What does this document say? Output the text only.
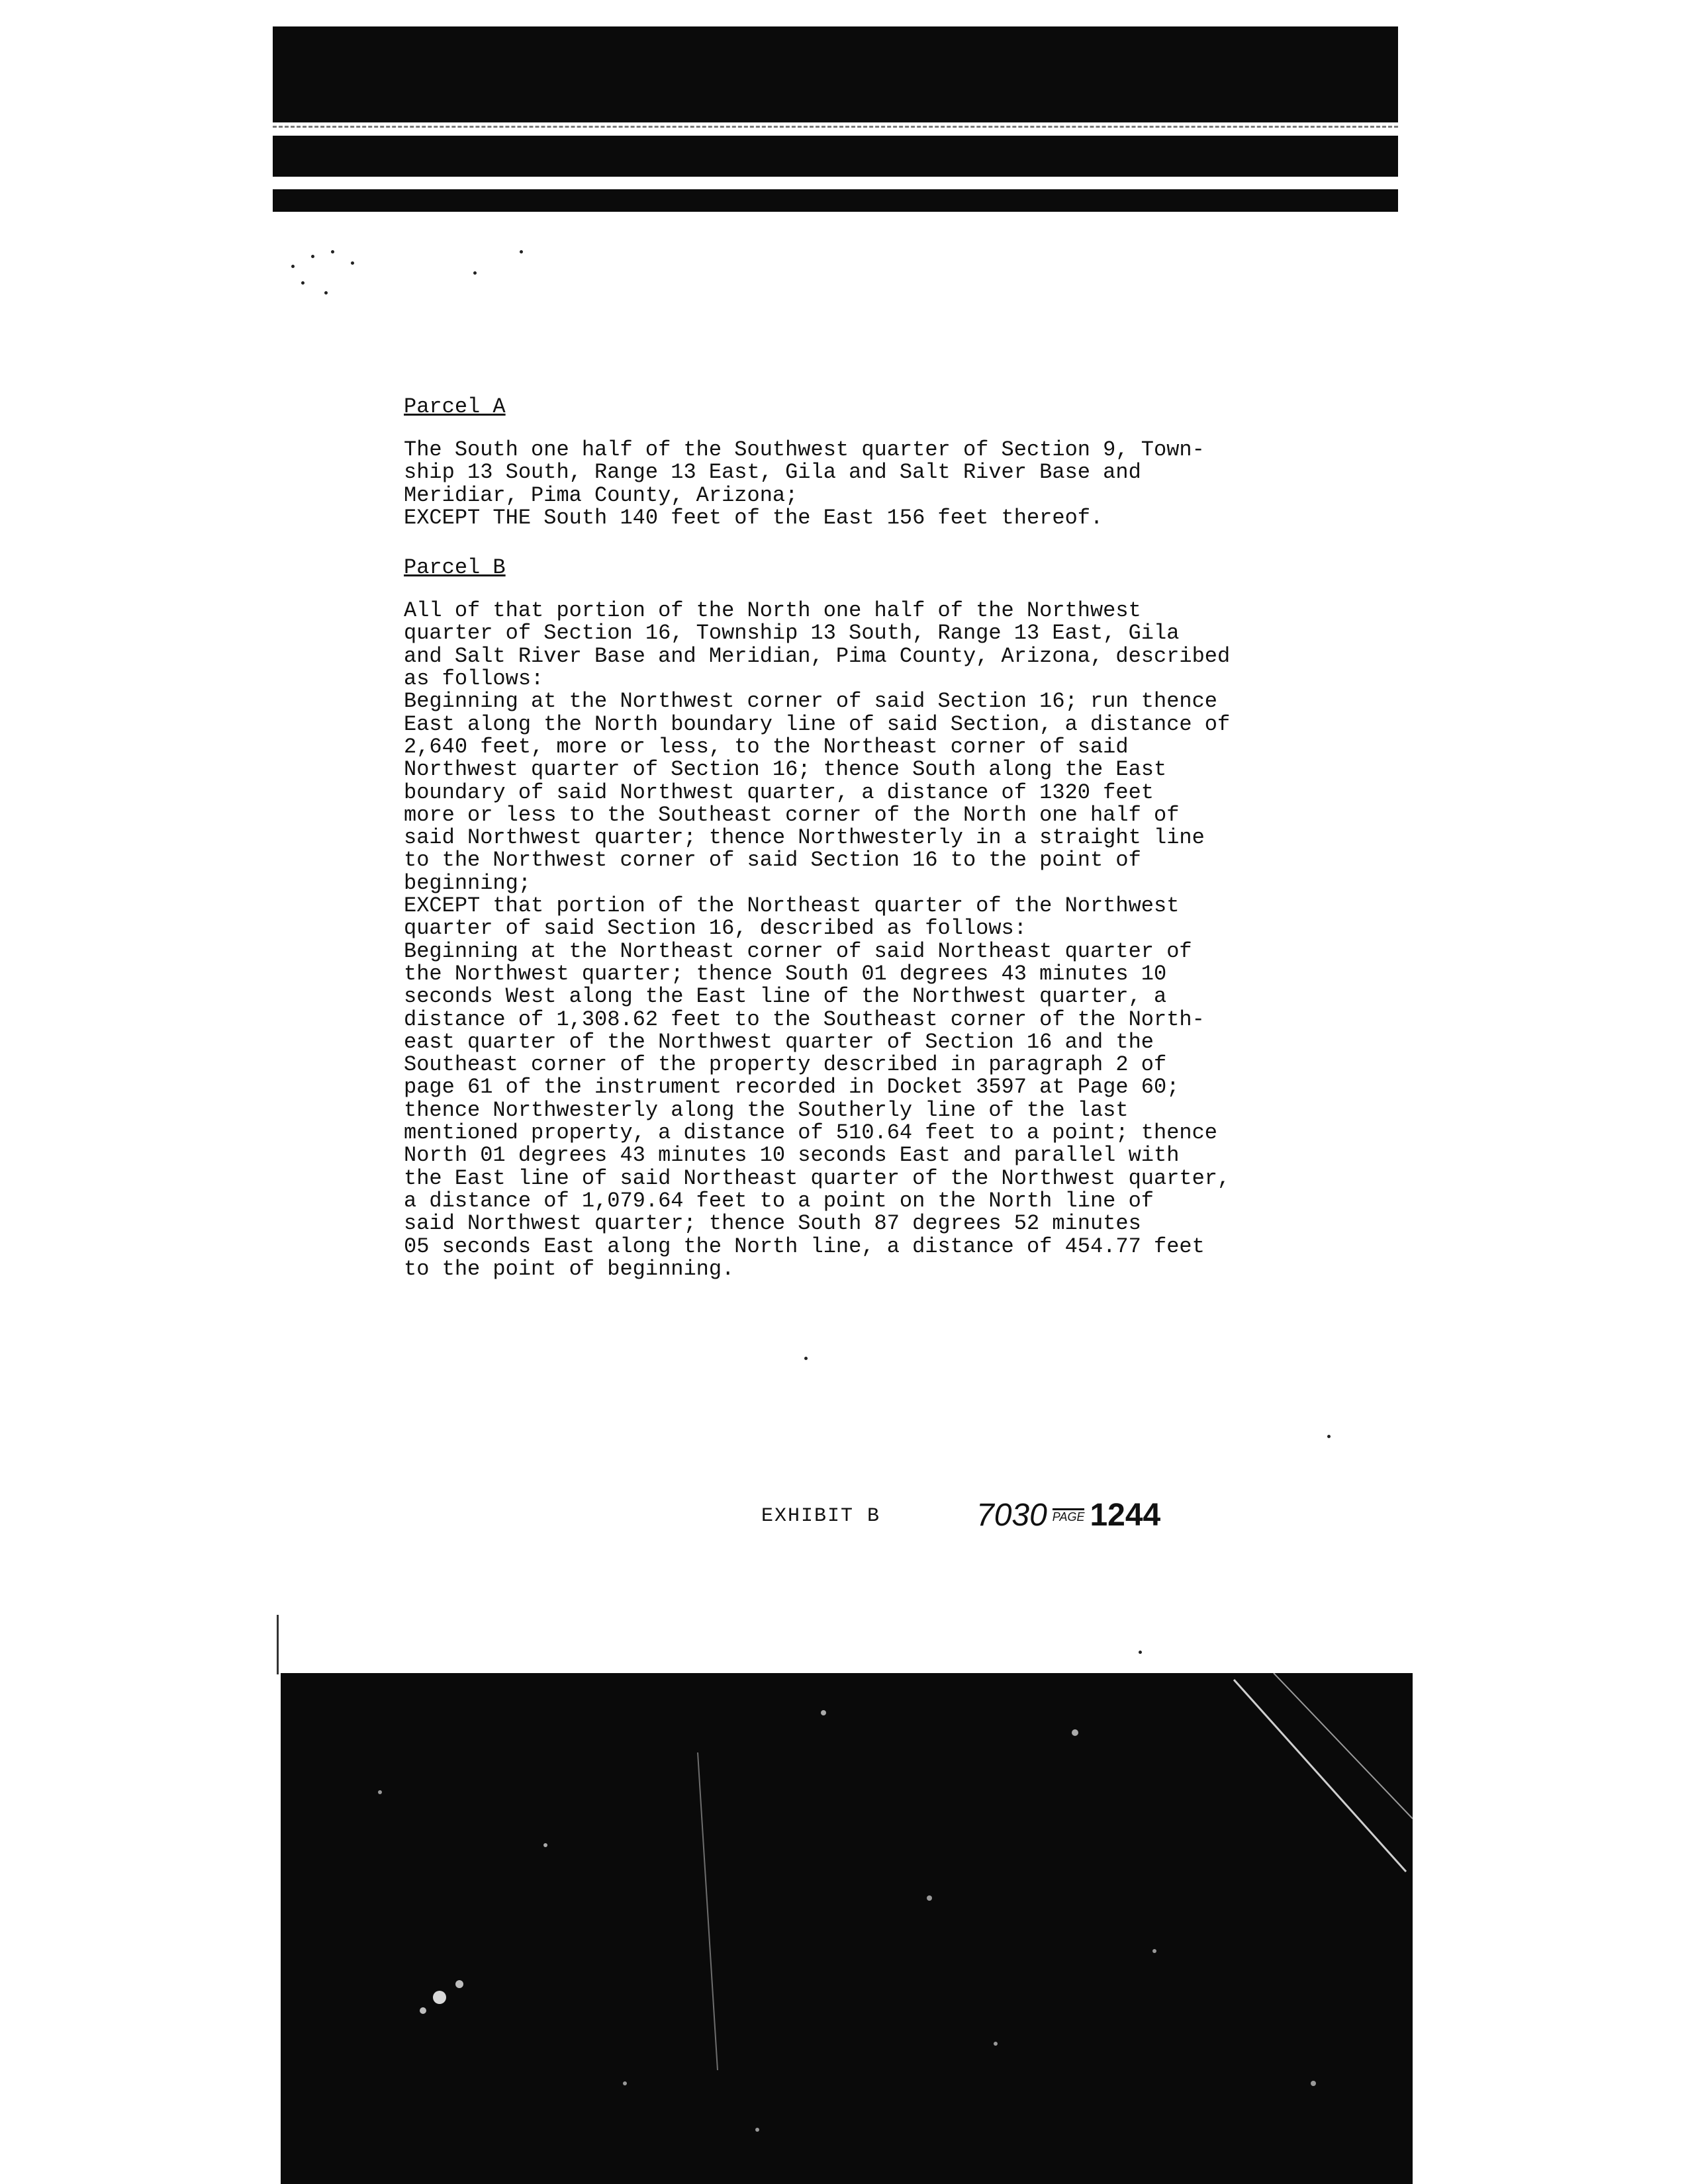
Parcel A

The South one half of the Southwest quarter of Section 9, Town-
ship 13 South, Range 13 East, Gila and Salt River Base and
Meridiar, Pima County, Arizona;
EXCEPT THE South 140 feet of the East 156 feet thereof.

Parcel B

All of that portion of the North one half of the Northwest
quarter of Section 16, Township 13 South, Range 13 East, Gila
and Salt River Base and Meridian, Pima County, Arizona, described
as follows:
Beginning at the Northwest corner of said Section 16; run thence
East along the North boundary line of said Section, a distance of
2,640 feet, more or less, to the Northeast corner of said
Northwest quarter of Section 16; thence South along the East
boundary of said Northwest quarter, a distance of 1320 feet
more or less to the Southeast corner of the North one half of
said Northwest quarter; thence Northwesterly in a straight line
to the Northwest corner of said Section 16 to the point of
beginning;
EXCEPT that portion of the Northeast quarter of the Northwest
quarter of said Section 16, described as follows:
Beginning at the Northeast corner of said Northeast quarter of
the Northwest quarter; thence South 01 degrees 43 minutes 10
seconds West along the East line of the Northwest quarter, a
distance of 1,308.62 feet to the Southeast corner of the North-
east quarter of the Northwest quarter of Section 16 and the
Southeast corner of the property described in paragraph 2 of
page 61 of the instrument recorded in Docket 3597 at Page 60;
thence Northwesterly along the Southerly line of the last
mentioned property, a distance of 510.64 feet to a point; thence
North 01 degrees 43 minutes 10 seconds East and parallel with
the East line of said Northeast quarter of the Northwest quarter,
a distance of 1,079.64 feet to a point on the North line of
said Northwest quarter; thence South 87 degrees 52 minutes
05 seconds East along the North line, a distance of 454.77 feet
to the point of beginning.

EXHIBIT B	7030 PAGE 1244
